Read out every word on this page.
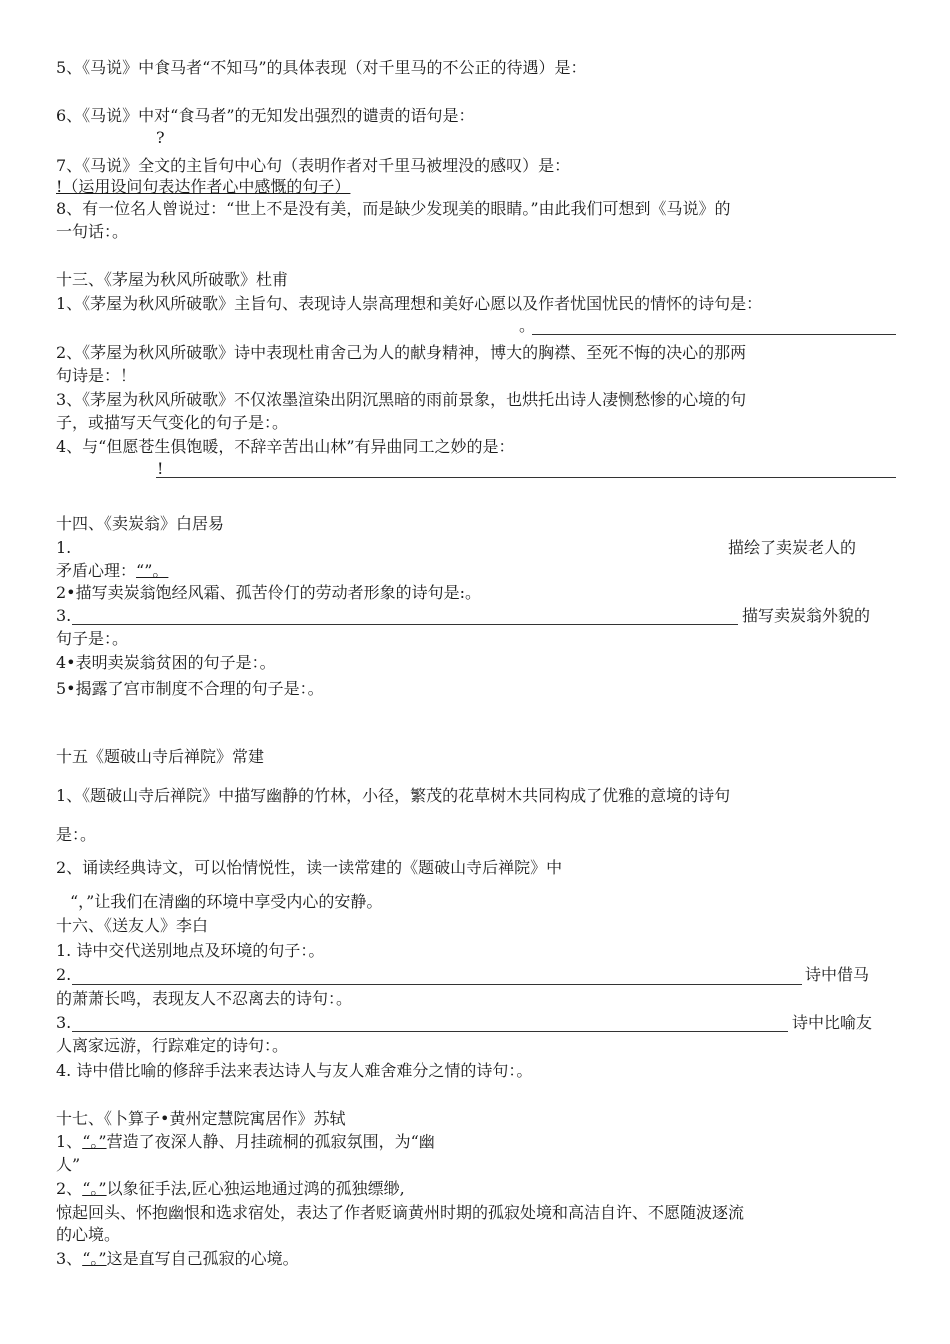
5、《马说》中食马者“不知马”的具体表现（对千里马的不公正的待遇）是：
6、《马说》中对“食马者”的无知发出强烈的谴责的语句是：
?
7、《马说》全文的主旨句中心句（表明作者对千里马被埋没的感叹）是：
!（运用设问句表达作者心中感慨的句子）
8、有一位名人曾说过：“世上不是没有美，而是缺少发现美的眼睛。”由此我们可想到《马说》的
一句话：。
十三、《茅屋为秋风所破歌》杜甫
1、《茅屋为秋风所破歌》主旨句、表现诗人崇高理想和美好心愿以及作者忧国忧民的情怀的诗句是：
。
2、《茅屋为秋风所破歌》诗中表现杜甫舍己为人的献身精神，博大的胸襟、至死不悔的决心的那两
句诗是：！
3、《茅屋为秋风所破歌》不仅浓墨渲染出阴沉黑暗的雨前景象，也烘托出诗人凄恻愁惨的心境的句
子，或描写天气变化的句子是：。
4、与“但愿苍生俱饱暖，不辞辛苦出山林”有异曲同工之妙的是：
!
十四、《卖炭翁》白居易
1.	描绘了卖炭老人的
矛盾心理：“”。
2•描写卖炭翁饱经风霜、孤苦伶仃的劳动者形象的诗句是:。
3.	描写卖炭翁外貌的
句子是：。
4•表明卖炭翁贫困的句子是：。
5•揭露了宫市制度不合理的句子是：。
十五《题破山寺后禅院》常建
1、《题破山寺后禅院》中描写幽静的竹林，小径，繁茂的花草树木共同构成了优雅的意境的诗句
是：。
2、诵读经典诗文，可以怡情悦性，读一读常建的《题破山寺后禅院》中
“，”让我们在清幽的环境中享受内心的安静。
十六、《送友人》李白
1. 诗中交代送别地点及环境的句子：。
2.	诗中借马
的萧萧长鸣，表现友人不忍离去的诗句：。
3.	诗中比喻友
人离家远游，行踪难定的诗句：。
4. 诗中借比喻的修辞手法来表达诗人与友人难舍难分之情的诗句：。
十七、《卜算子•黄州定慧院寓居作》苏轼
1、“。”营造了夜深人静、月挂疏桐的孤寂氛围，为“幽
人”
2、“。”以象征手法,匠心独运地通过鸿的孤独缥缈,
惊起回头、怀抱幽恨和选求宿处，表达了作者贬谪黄州时期的孤寂处境和高洁自许、不愿随波逐流
的心境。
3、“。”这是直写自己孤寂的心境。
